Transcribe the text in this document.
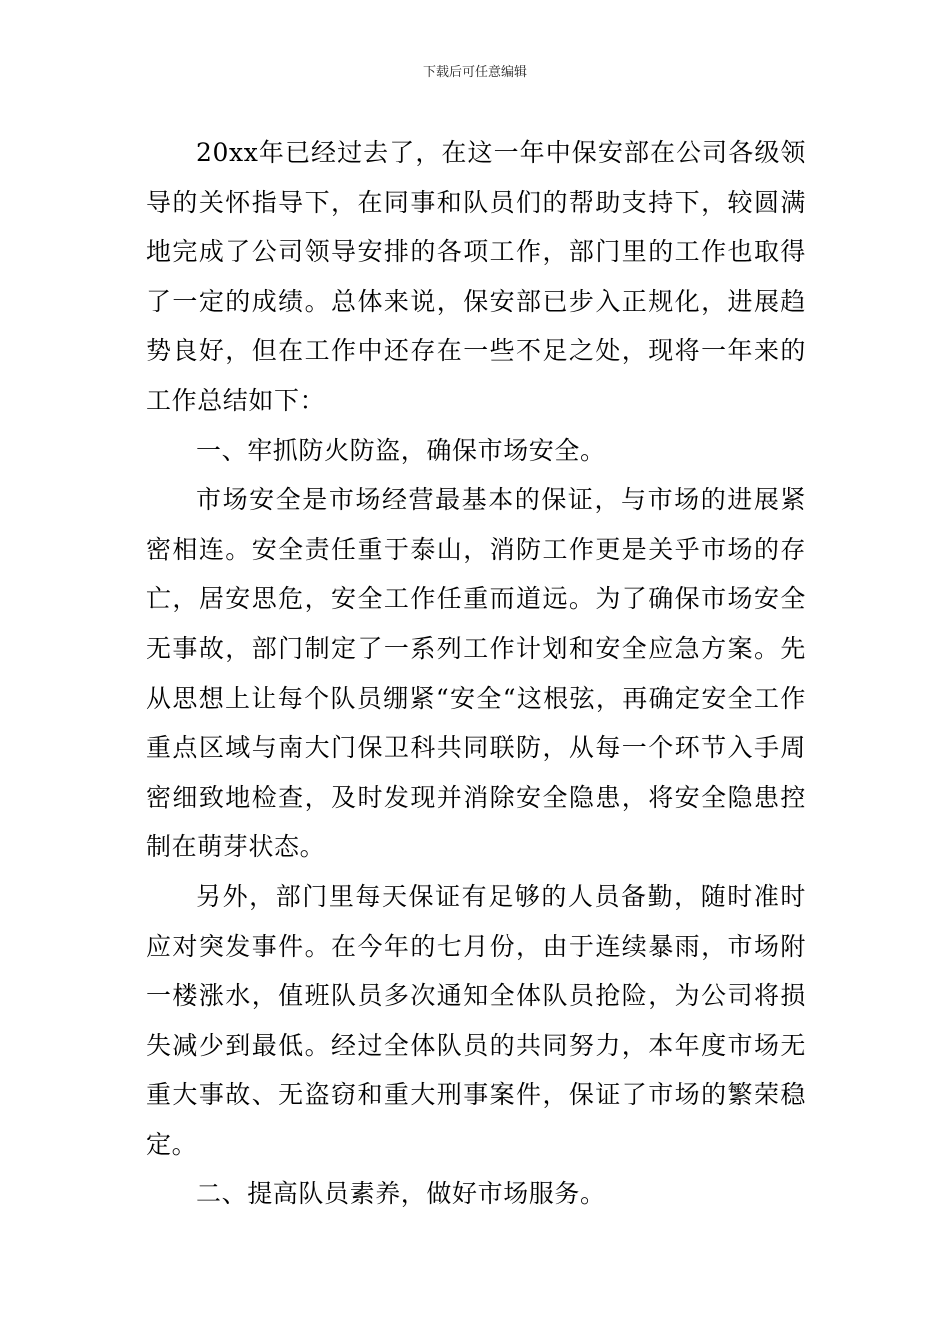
下载后可任意编辑

20xx年已经过去了，在这一年中保安部在公司各级领导的关怀指导下，在同事和队员们的帮助支持下，较圆满地完成了公司领导安排的各项工作，部门里的工作也取得了一定的成绩。总体来说，保安部已步入正规化，进展趋势良好，但在工作中还存在一些不足之处，现将一年来的工作总结如下：

一、牢抓防火防盗，确保市场安全。

市场安全是市场经营最基本的保证，与市场的进展紧密相连。安全责任重于泰山，消防工作更是关乎市场的存亡，居安思危，安全工作任重而道远。为了确保市场安全无事故，部门制定了一系列工作计划和安全应急方案。先从思想上让每个队员绷紧“安全“这根弦，再确定安全工作重点区域与南大门保卫科共同联防，从每一个环节入手周密细致地检查，及时发现并消除安全隐患，将安全隐患控制在萌芽状态。

另外，部门里每天保证有足够的人员备勤，随时准时应对突发事件。在今年的七月份，由于连续暴雨，市场附一楼涨水，值班队员多次通知全体队员抢险，为公司将损失减少到最低。经过全体队员的共同努力，本年度市场无重大事故、无盗窃和重大刑事案件，保证了市场的繁荣稳定。

二、提高队员素养，做好市场服务。
